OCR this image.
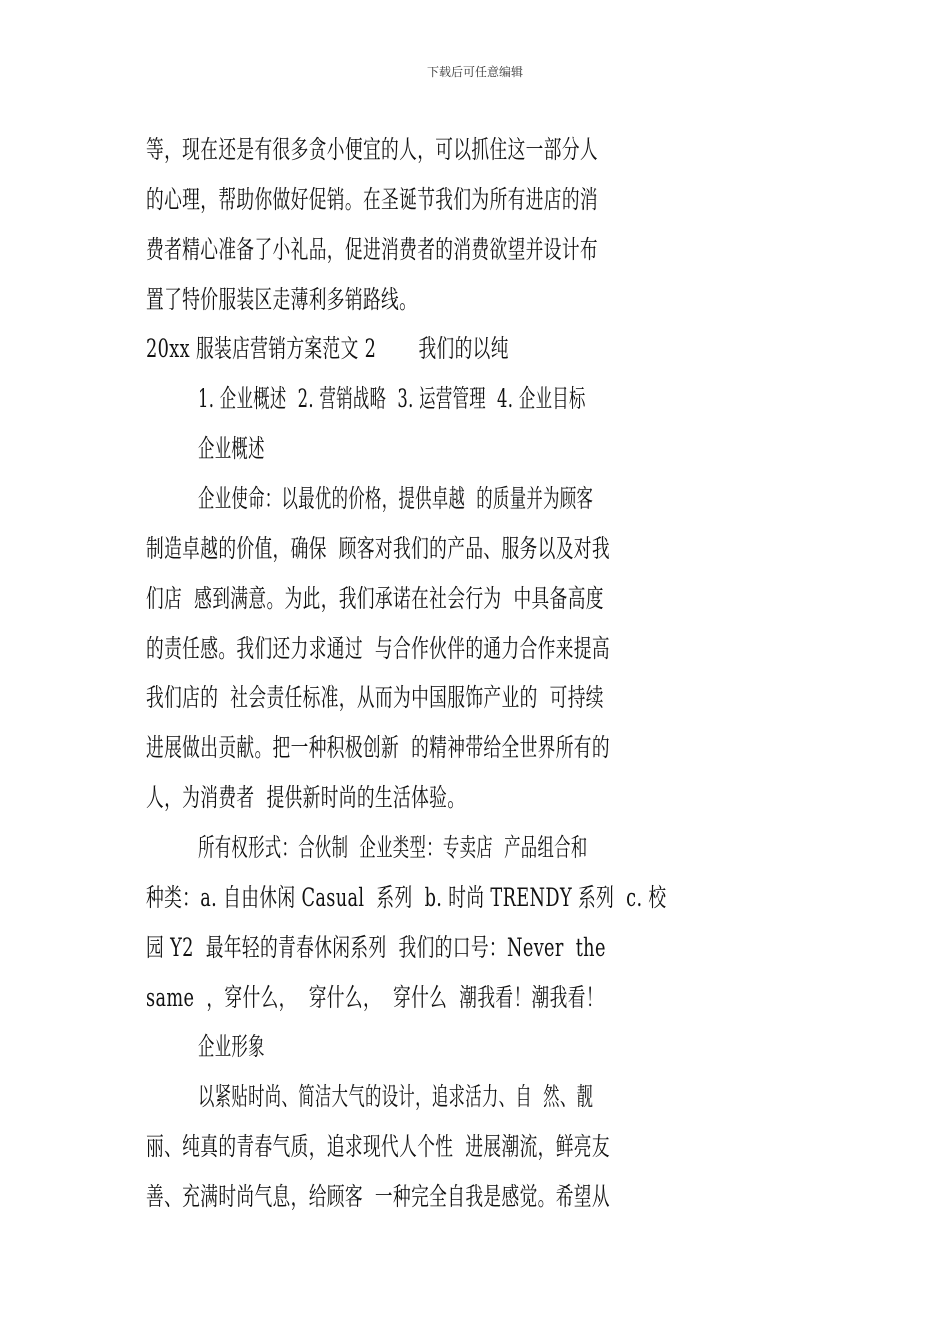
下载后可任意编辑
等，现在还是有很多贪小便宜的人，可以抓住这一部分人
的心理，帮助你做好促销。在圣诞节我们为所有进店的消
费者精心准备了小礼品，促进消费者的消费欲望并设计布
置了特价服装区走薄利多销路线。
20xx 服装店营销方案范文 2　　 我们的以纯
1. 企业概述  2. 营销战略  3. 运营管理  4. 企业目标
企业概述
企业使命：以最优的价格，提供卓越  的质量并为顾客
制造卓越的价值，确保  顾客对我们的产品、服务以及对我
们店  感到满意。为此，我们承诺在社会行为  中具备高度
的责任感。我们还力求通过  与合作伙伴的通力合作来提高
我们店的  社会责任标准，从而为中国服饰产业的  可持续
进展做出贡献。把一种积极创新  的精神带给全世界所有的
人，为消费者  提供新时尚的生活体验。
所有权形式：合伙制  企业类型：专卖店  产品组合和
种类：a. 自由休闲 Casual  系列  b. 时尚 TRENDY 系列  c. 校
园 Y2  最年轻的青春休闲系列  我们的口号：Never  the
same  ，穿什么，  穿什么，  穿什么  潮我看！潮我看！
企业形象
以紧贴时尚、简洁大气的设计，追求活力、自  然、靓
丽、纯真的青春气质，追求现代人个性  进展潮流，鲜亮友
善、充满时尚气息，给顾客  一种完全自我是感觉。希望从
